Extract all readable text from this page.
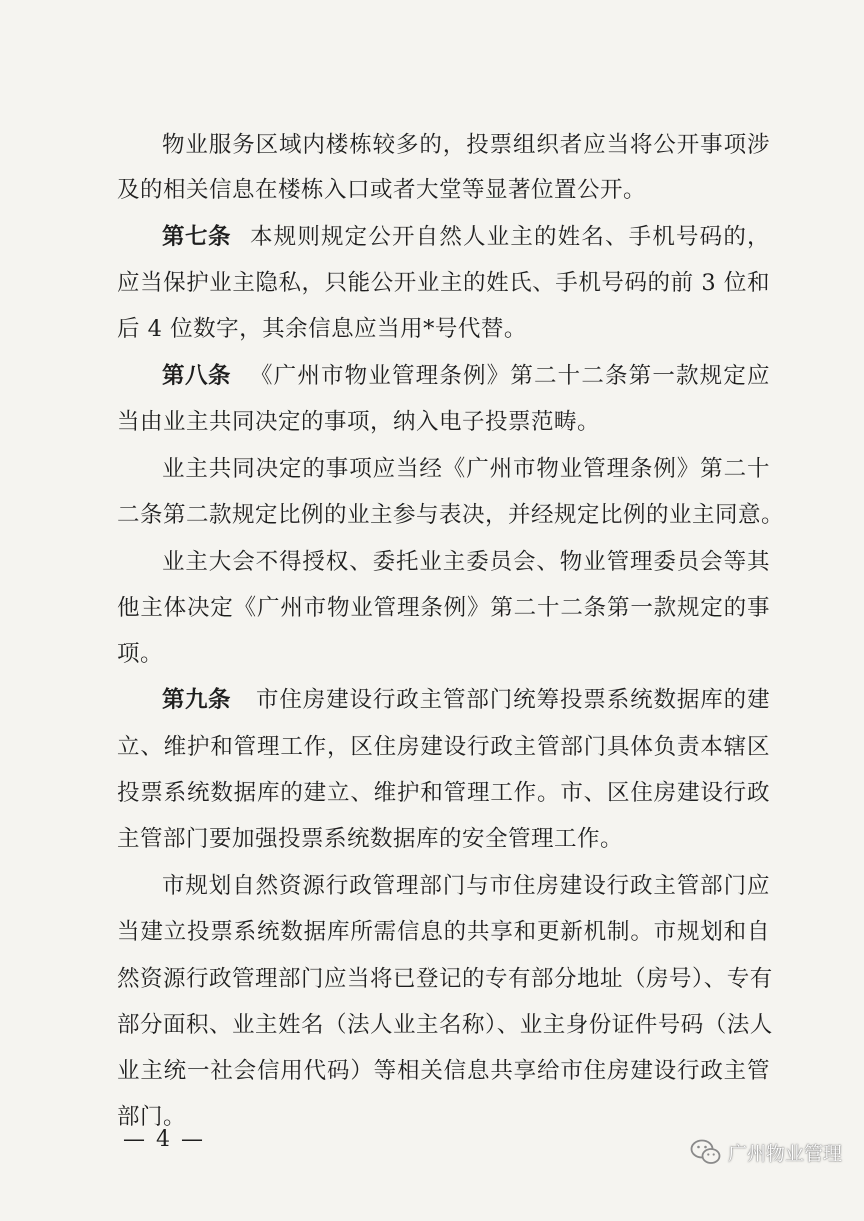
物业服务区域内楼栋较多的，投票组织者应当将公开事项涉
及的相关信息在楼栋入口或者大堂等显著位置公开。
第七条 本规则规定公开自然人业主的姓名、手机号码的，
应当保护业主隐私，只能公开业主的姓氏、手机号码的前 3 位和
后 4 位数字，其余信息应当用*号代替。
第八条 《广州市物业管理条例》第二十二条第一款规定应
当由业主共同决定的事项，纳入电子投票范畴。
业主共同决定的事项应当经《广州市物业管理条例》第二十
二条第二款规定比例的业主参与表决，并经规定比例的业主同意。
业主大会不得授权、委托业主委员会、物业管理委员会等其
他主体决定《广州市物业管理条例》第二十二条第一款规定的事
项。
第九条 市住房建设行政主管部门统筹投票系统数据库的建
立、维护和管理工作，区住房建设行政主管部门具体负责本辖区
投票系统数据库的建立、维护和管理工作。市、区住房建设行政
主管部门要加强投票系统数据库的安全管理工作。
市规划自然资源行政管理部门与市住房建设行政主管部门应
当建立投票系统数据库所需信息的共享和更新机制。市规划和自
然资源行政管理部门应当将已登记的专有部分地址（房号）、专有
部分面积、业主姓名（法人业主名称）、业主身份证件号码（法人
业主统一社会信用代码）等相关信息共享给市住房建设行政主管
部门。
— 4 —
广州物业管理
